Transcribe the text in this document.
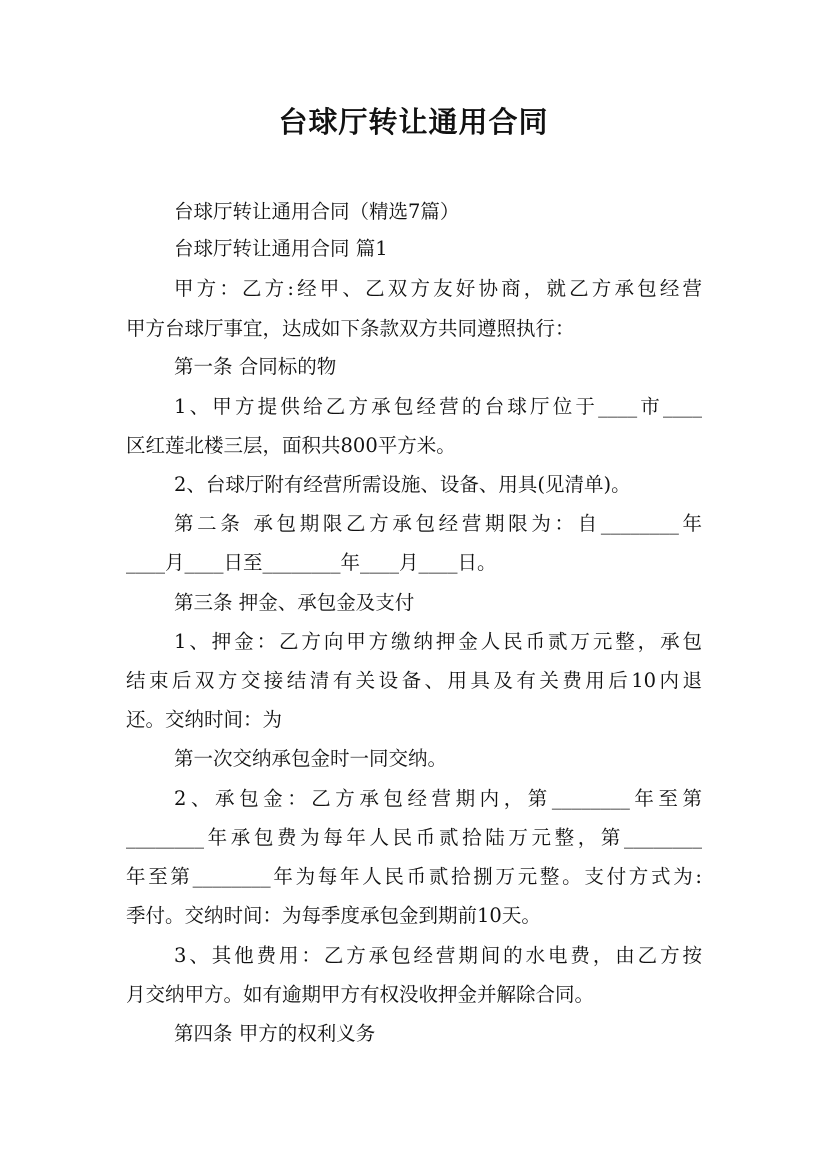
台球厅转让通用合同
台球厅转让通用合同（精选7篇）
台球厅转让通用合同 篇1
甲方：乙方:经甲、乙双方友好协商，就乙方承包经营
甲方台球厅事宜，达成如下条款双方共同遵照执行：
第一条 合同标的物
1、甲方提供给乙方承包经营的台球厅位于____市____
区红莲北楼三层，面积共800平方米。
2、台球厅附有经营所需设施、设备、用具(见清单)。
第二条 承包期限乙方承包经营期限为：自________年
____月____日至________年____月____日。
第三条 押金、承包金及支付
1、押金：乙方向甲方缴纳押金人民币贰万元整，承包
结束后双方交接结清有关设备、用具及有关费用后10内退
还。交纳时间：为
第一次交纳承包金时一同交纳。
2、承包金：乙方承包经营期内，第________年至第
________年承包费为每年人民币贰拾陆万元整，第________
年至第________年为每年人民币贰拾捌万元整。支付方式为:
季付。交纳时间：为每季度承包金到期前10天。
3、其他费用：乙方承包经营期间的水电费，由乙方按
月交纳甲方。如有逾期甲方有权没收押金并解除合同。
第四条 甲方的权利义务
